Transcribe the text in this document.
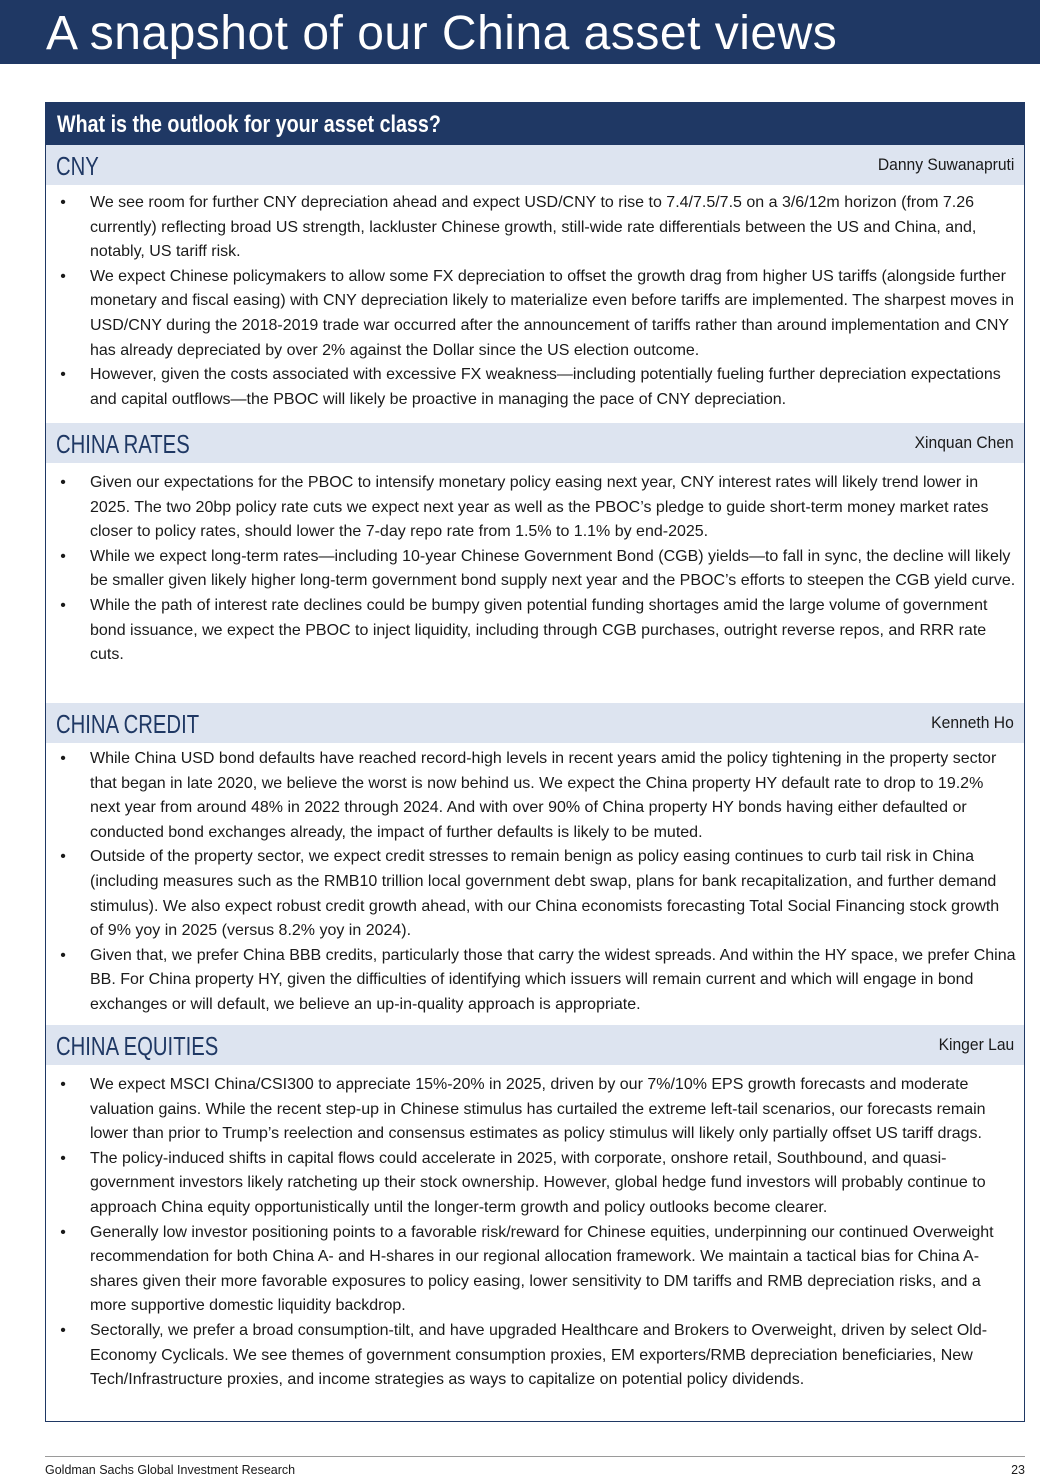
A snapshot of our China asset views
What is the outlook for your asset class?
CNY	Danny Suwanapruti
• We see room for further CNY depreciation ahead and expect USD/CNY to rise to 7.4/7.5/7.5 on a 3/6/12m horizon (from 7.26 currently) reflecting broad US strength, lackluster Chinese growth, still-wide rate differentials between the US and China, and, notably, US tariff risk.
• We expect Chinese policymakers to allow some FX depreciation to offset the growth drag from higher US tariffs (alongside further monetary and fiscal easing) with CNY depreciation likely to materialize even before tariffs are implemented. The sharpest moves in USD/CNY during the 2018-2019 trade war occurred after the announcement of tariffs rather than around implementation and CNY has already depreciated by over 2% against the Dollar since the US election outcome.
• However, given the costs associated with excessive FX weakness—including potentially fueling further depreciation expectations and capital outflows—the PBOC will likely be proactive in managing the pace of CNY depreciation.
CHINA RATES	Xinquan Chen
• Given our expectations for the PBOC to intensify monetary policy easing next year, CNY interest rates will likely trend lower in 2025. The two 20bp policy rate cuts we expect next year as well as the PBOC’s pledge to guide short-term money market rates closer to policy rates, should lower the 7-day repo rate from 1.5% to 1.1% by end-2025.
• While we expect long-term rates—including 10-year Chinese Government Bond (CGB) yields—to fall in sync, the decline will likely be smaller given likely higher long-term government bond supply next year and the PBOC’s efforts to steepen the CGB yield curve.
• While the path of interest rate declines could be bumpy given potential funding shortages amid the large volume of government bond issuance, we expect the PBOC to inject liquidity, including through CGB purchases, outright reverse repos, and RRR rate cuts.
CHINA CREDIT	Kenneth Ho
• While China USD bond defaults have reached record-high levels in recent years amid the policy tightening in the property sector that began in late 2020, we believe the worst is now behind us. We expect the China property HY default rate to drop to 19.2% next year from around 48% in 2022 through 2024. And with over 90% of China property HY bonds having either defaulted or conducted bond exchanges already, the impact of further defaults is likely to be muted.
• Outside of the property sector, we expect credit stresses to remain benign as policy easing continues to curb tail risk in China (including measures such as the RMB10 trillion local government debt swap, plans for bank recapitalization, and further demand stimulus). We also expect robust credit growth ahead, with our China economists forecasting Total Social Financing stock growth of 9% yoy in 2025 (versus 8.2% yoy in 2024).
• Given that, we prefer China BBB credits, particularly those that carry the widest spreads. And within the HY space, we prefer China BB. For China property HY, given the difficulties of identifying which issuers will remain current and which will engage in bond exchanges or will default, we believe an up-in-quality approach is appropriate.
CHINA EQUITIES	Kinger Lau
• We expect MSCI China/CSI300 to appreciate 15%-20% in 2025, driven by our 7%/10% EPS growth forecasts and moderate valuation gains. While the recent step-up in Chinese stimulus has curtailed the extreme left-tail scenarios, our forecasts remain lower than prior to Trump’s reelection and consensus estimates as policy stimulus will likely only partially offset US tariff drags.
• The policy-induced shifts in capital flows could accelerate in 2025, with corporate, onshore retail, Southbound, and quasi-government investors likely ratcheting up their stock ownership. However, global hedge fund investors will probably continue to approach China equity opportunistically until the longer-term growth and policy outlooks become clearer.
• Generally low investor positioning points to a favorable risk/reward for Chinese equities, underpinning our continued Overweight recommendation for both China A- and H-shares in our regional allocation framework. We maintain a tactical bias for China A-shares given their more favorable exposures to policy easing, lower sensitivity to DM tariffs and RMB depreciation risks, and a more supportive domestic liquidity backdrop.
• Sectorally, we prefer a broad consumption-tilt, and have upgraded Healthcare and Brokers to Overweight, driven by select Old-Economy Cyclicals. We see themes of government consumption proxies, EM exporters/RMB depreciation beneficiaries, New Tech/Infrastructure proxies, and income strategies as ways to capitalize on potential policy dividends.
Goldman Sachs Global Investment Research	23
